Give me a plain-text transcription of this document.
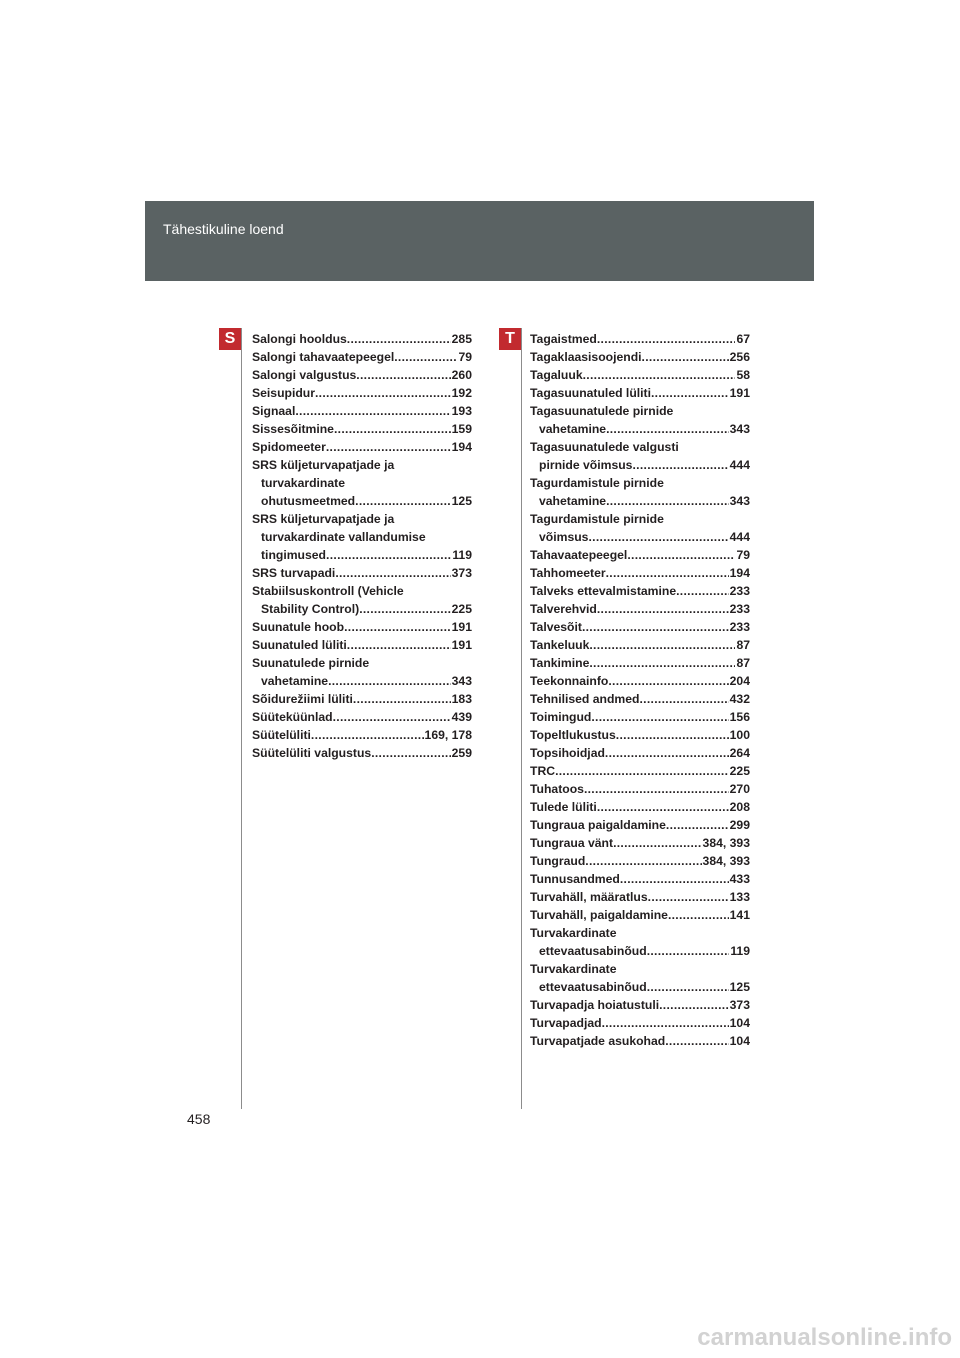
Tähestikuline loend
S	T
Salongi hooldus .....	285
Salongi tahavaatepeegel .....	79
Salongi valgustus .....	260
Seisupidur .....	192
Signaal .....	193
Sissesõitmine .....	159
Spidomeeter .....	194
SRS küljeturvapatjade ja
turvakardinate
ohutusmeetmed .....	125
SRS küljeturvapatjade ja
turvakardinate vallandumise
tingimused .....	119
SRS turvapadi .....	373
Stabiilsuskontroll (Vehicle
Stability Control) .....	225
Suunatule hoob .....	191
Suunatuled lüliti .....	191
Suunatulede pirnide
vahetamine .....	343
Sõidurežiimi lüliti .....	183
Süüteküünlad .....	439
Süütelüliti .....	169, 178
Süütelüliti valgustus .....	259
Tagaistmed .....	67
Tagaklaasisoojendi .....	256
Tagaluuk .....	58
Tagasuunatuled lüliti .....	191
Tagasuunatulede pirnide
vahetamine .....	343
Tagasuunatulede valgusti
pirnide võimsus .....	444
Tagurdamistule pirnide
vahetamine .....	343
Tagurdamistule pirnide
võimsus .....	444
Tahavaatepeegel .....	79
Tahhomeeter .....	194
Talveks ettevalmistamine .....	233
Talverehvid .....	233
Talvesõit .....	233
Tankeluuk .....	87
Tankimine .....	87
Teekonnainfo .....	204
Tehnilised andmed .....	432
Toimingud .....	156
Topeltlukustus .....	100
Topsihoidjad .....	264
TRC .....	225
Tuhatoos .....	270
Tulede lüliti .....	208
Tungraua paigaldamine .....	299
Tungraua vänt .....	384, 393
Tungraud .....	384, 393
Tunnusandmed .....	433
Turvahäll, määratlus .....	133
Turvahäll, paigaldamine .....	141
Turvakardinate
ettevaatusabinõud .....	119
Turvakardinate
ettevaatusabinõud .....	125
Turvapadja hoiatustuli .....	373
Turvapadjad .....	104
Turvapatjade asukohad .....	104
458
carmanualsonline.info
